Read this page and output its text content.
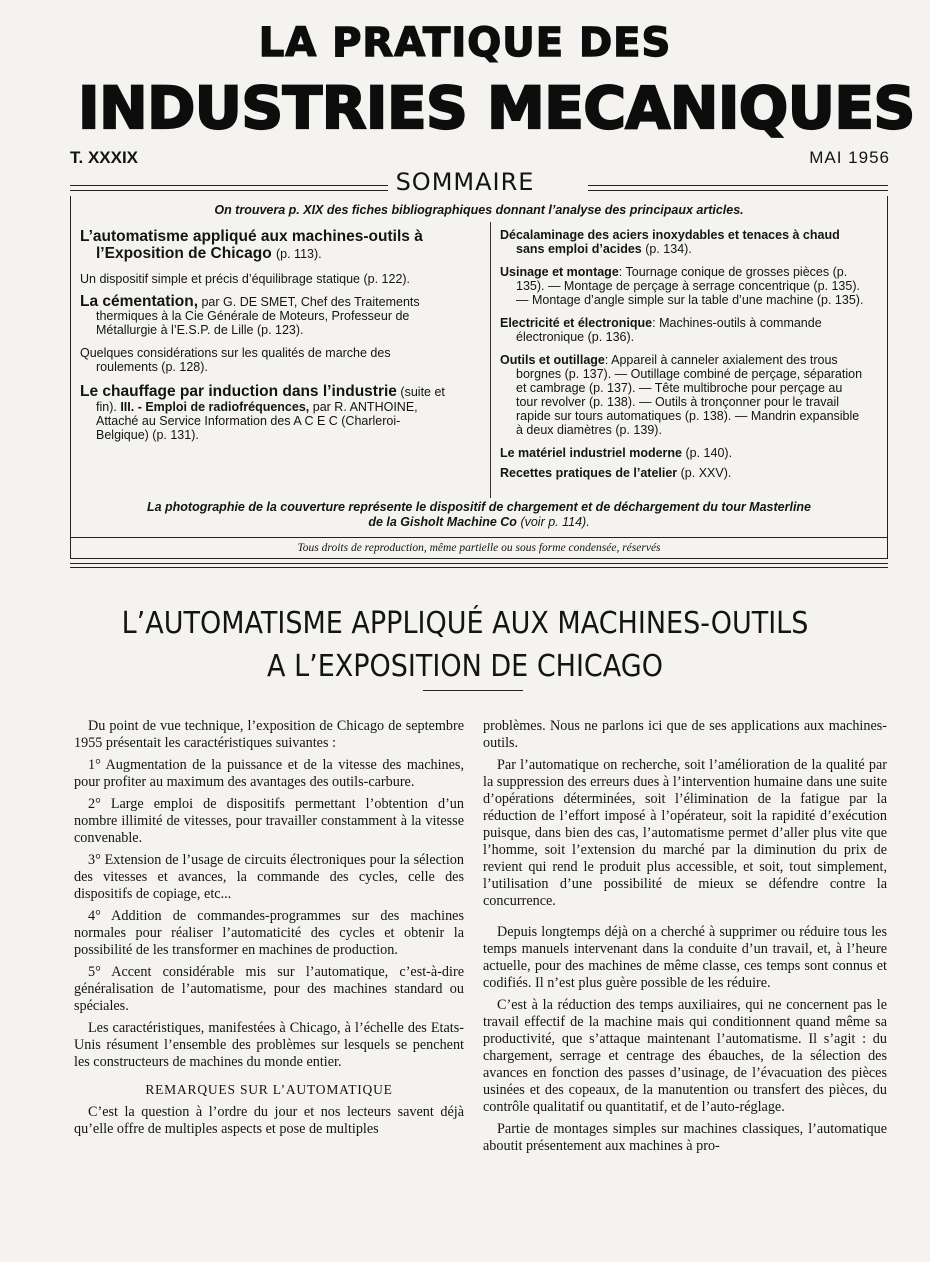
LA PRATIQUE DES
INDUSTRIES MECANIQUES
T. XXXIX	MAI 1956
SOMMAIRE
On trouvera p. XIX des fiches bibliographiques donnant l’analyse des principaux articles.
L’automatisme appliqué aux machines-outils à l’Exposition de Chicago (p. 113).
Un dispositif simple et précis d’équilibrage statique (p. 122).
La cémentation, par G. DE SMET, Chef des Traitements thermiques à la Cie Générale de Moteurs, Professeur de Métallurgie à l’E.S.P. de Lille (p. 123).
Quelques considérations sur les qualités de marche des roulements (p. 128).
Le chauffage par induction dans l’industrie (suite et fin). III. - Emploi de radiofréquences, par R. ANTHOINE, Attaché au Service Information des A C E C (Charleroi-Belgique) (p. 131).
Décalaminage des aciers inoxydables et tenaces à chaud sans emploi d’acides (p. 134).
Usinage et montage: Tournage conique de grosses pièces (p. 135). — Montage de perçage à serrage concentrique (p. 135). — Montage d’angle simple sur la table d’une machine (p. 135).
Electricité et électronique: Machines-outils à commande électronique (p. 136).
Outils et outillage: Appareil à canneler axialement des trous borgnes (p. 137). — Outillage combiné de perçage, séparation et cambrage (p. 137). — Tête multibroche pour perçage au tour revolver (p. 138). — Outils à tronçonner pour le travail rapide sur tours automatiques (p. 138). — Mandrin expansible à deux diamètres (p. 139).
Le matériel industriel moderne (p. 140).
Recettes pratiques de l’atelier (p. XXV).
La photographie de la couverture représente le dispositif de chargement et de déchargement du tour Masterline
de la Gisholt Machine Co (voir p. 114).
Tous droits de reproduction, même partielle ou sous forme condensée, réservés
L’AUTOMATISME APPLIQUÉ AUX MACHINES-OUTILS
A L’EXPOSITION DE CHICAGO

Du point de vue technique, l’exposition de Chicago de septembre 1955 présentait les caractéristiques suivantes :

1° Augmentation de la puissance et de la vitesse des machines, pour profiter au maximum des avantages des outils-carbure.

2° Large emploi de dispositifs permettant l’obtention d’un nombre illimité de vitesses, pour travailler constamment à la vitesse convenable.

3° Extension de l’usage de circuits électroniques pour la sélection des vitesses et avances, la commande des cycles, celle des dispositifs de copiage, etc...

4° Addition de commandes-programmes sur des machines normales pour réaliser l’automaticité des cycles et obtenir la possibilité de les transformer en machines de production.

5° Accent considérable mis sur l’automatique, c’est-à-dire généralisation de l’automatisme, pour des machines standard ou spéciales.

Les caractéristiques, manifestées à Chicago, à l’échelle des Etats-Unis résument l’ensemble des problèmes sur lesquels se penchent les constructeurs de machines du monde entier.

REMARQUES SUR L’AUTOMATIQUE

C’est la question à l’ordre du jour et nos lecteurs savent déjà qu’elle offre de multiples aspects et pose de multiples

problèmes. Nous ne parlons ici que de ses applications aux machines-outils.

Par l’automatique on recherche, soit l’amélioration de la qualité par la suppression des erreurs dues à l’intervention humaine dans une suite d’opérations déterminées, soit l’élimination de la fatigue par la réduction de l’effort imposé à l’opérateur, soit la rapidité d’exécution puisque, dans bien des cas, l’automatisme permet d’aller plus vite que l’homme, soit l’extension du marché par la diminution du prix de revient qui rend le produit plus accessible, et soit, tout simplement, l’utilisation d’une possibilité de mieux se défendre contre la concurrence.

Depuis longtemps déjà on a cherché à supprimer ou réduire tous les temps manuels intervenant dans la conduite d’un travail, et, à l’heure actuelle, pour des machines de même classe, ces temps sont connus et codifiés. Il n’est plus guère possible de les réduire.

C’est à la réduction des temps auxiliaires, qui ne concernent pas le travail effectif de la machine mais qui conditionnent quand même sa productivité, que s’attaque maintenant l’automatisme. Il s’agit : du chargement, serrage et centrage des ébauches, de la sélection des avances en fonction des passes d’usinage, de l’évacuation des pièces usinées et des copeaux, de la manutention ou transfert des pièces, du contrôle qualitatif ou quantitatif, et de l’auto-réglage.

Partie de montages simples sur machines classiques, l’automatique aboutit présentement aux machines à pro-
